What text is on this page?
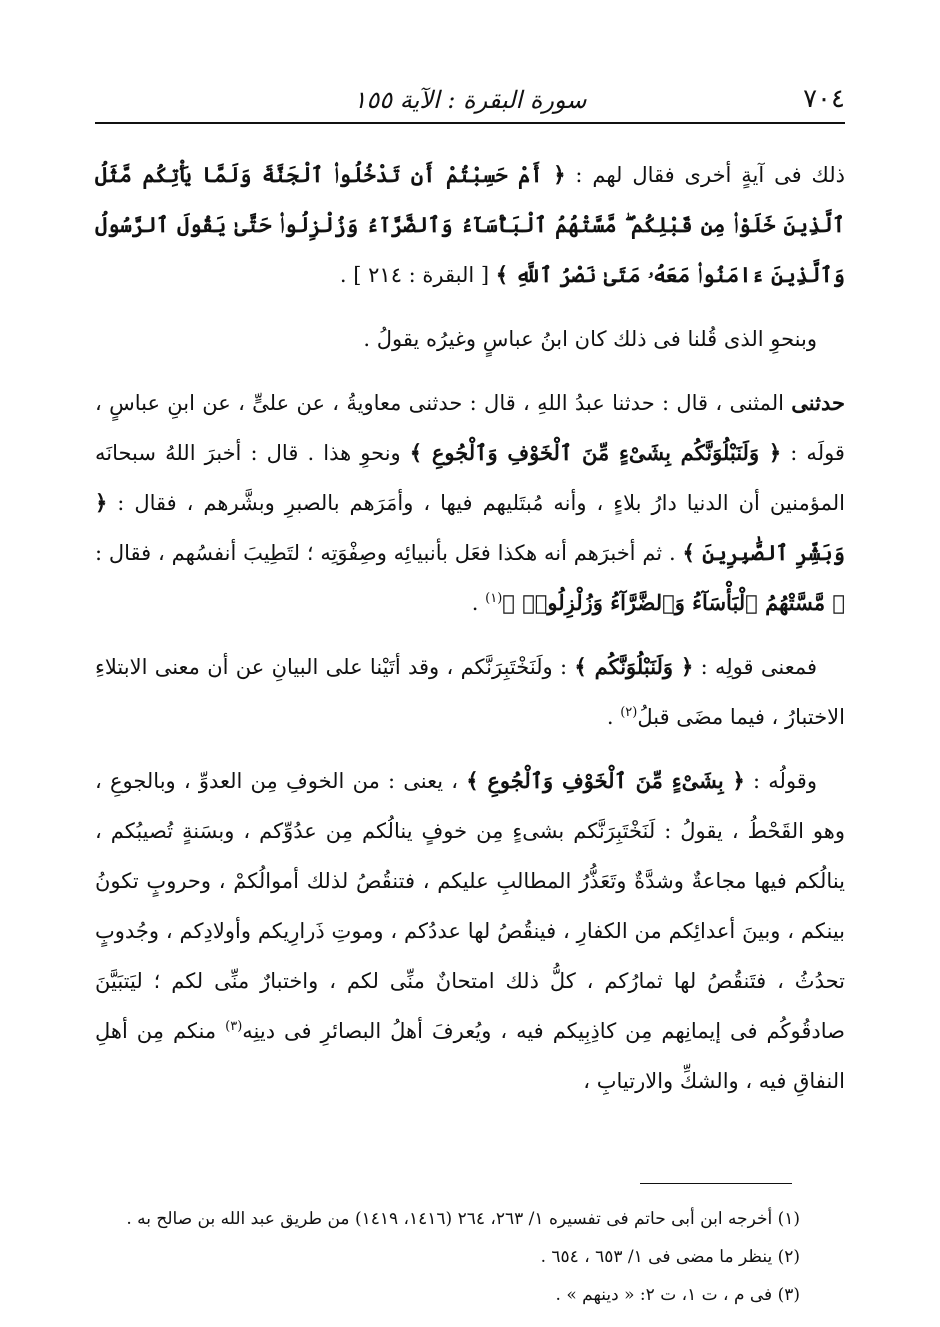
٧٠٤
سورة البقرة : الآية ١٥٥

ذلك فى آيةٍ أخرى فقال لهم : ﴿ أَمْ حَسِبْتُمْ أَن تَدْخُلُوا۟ ٱلْجَنَّةَ وَلَمَّا يَأْتِكُم مَّثَلُ ٱلَّذِينَ خَلَوْا۟ مِن قَبْلِكُم ۖ مَّسَّتْهُمُ ٱلْبَأْسَآءُ وَٱلضَّرَّآءُ وَزُلْزِلُوا۟ حَتَّىٰ يَقُولَ ٱلرَّسُولُ وَٱلَّذِينَ ءَامَنُوا۟ مَعَهُۥ مَتَىٰ نَصْرُ ٱللَّهِ ﴾ [ البقرة : ٢١٤ ] .

وبنحوِ الذى قُلنا فى ذلك كان ابنُ عباسٍ وغيرُه يقولُ .

حدثنى المثنى ، قال : حدثنا عبدُ اللهِ ، قال : حدثنى معاويةُ ، عن علىٍّ ، عن ابنِ عباسٍ ، قولَه : ﴿ وَلَنَبْلُوَنَّكُم بِشَىْءٍ مِّنَ ٱلْخَوْفِ وَٱلْجُوعِ ﴾ ونحوِ هذا . قال : أخبرَ اللهُ سبحانَه المؤمنين أن الدنيا دارُ بلاءٍ ، وأنه مُبتَليهم فيها ، وأمَرَهم بالصبرِ وبشَّرهم ، فقال : ﴿ وَبَشِّرِ ٱلصَّٰبِرِينَ ﴾ . ثم أخبرَهم أنه هكذا فعَل بأنبيائِه وصِفْوَتِه ؛ لتَطِيبَ أنفسُهم ، فقال : ﴿ مَّسَّتْهُمُ ٱلْبَأْسَآءُ وَٱلضَّرَّآءُ وَزُلْزِلُوا۟ ﴾$^{(١)}$ .

فمعنى قولِه : ﴿ وَلَنَبْلُوَنَّكُم ﴾ : ولَنَخْتَبِرَنَّكم ، وقد أتَيْنا على البيانِ عن أن معنى الابتلاءِ الاختبارُ ، فيما مضَى قبلُ$^{(٢)}$ .

وقولُه : ﴿ بِشَىْءٍ مِّنَ ٱلْخَوْفِ وَٱلْجُوعِ ﴾ ، يعنى : من الخوفِ مِن العدوِّ ، وبالجوعِ ، وهو القَحْطُ ، يقولُ : لَنَخْتَبِرَنَّكم بشىءٍ مِن خوفٍ ينالُكم مِن عدُوِّكم ، وبسَنةٍ تُصيبُكم ، ينالُكم فيها مجاعةٌ وشدَّةٌ وتَعَذُّرُ المطالبِ عليكم ، فتنقُصُ لذلك أموالُكمْ ، وحروبٍ تكونُ بينكم ، وبينَ أعدائِكم من الكفارِ ، فينقُصُ لها عددُكم ، وموتِ ذَرارِيكم وأولادِكم ، وجُدوبٍ تحدُثُ ، فتَنقُصُ لها ثمارُكم ، كلُّ ذلك امتحانٌ منِّى لكم ، واختبارٌ منِّى لكم ؛ ليَتبَيَّنَ صادقُوكُم فى إيمانِهم مِن كاذِبِيكم فيه ، ويُعرفَ أهلُ البصائرِ فى دينِه$^{(٣)}$ منكم مِن أهلِ النفاقِ فيه ، والشكِّ والارتيابِ ،

(١) أخرجه ابن أبى حاتم فى تفسيره ١/ ٢٦٣، ٢٦٤ (١٤١٦، ١٤١٩) من طريق عبد الله بن صالح به .

(٢) ينظر ما مضى فى ١/ ٦٥٣ ، ٦٥٤ .

(٣) فى م ، ت ١، ت ٢: « دينهم » .
